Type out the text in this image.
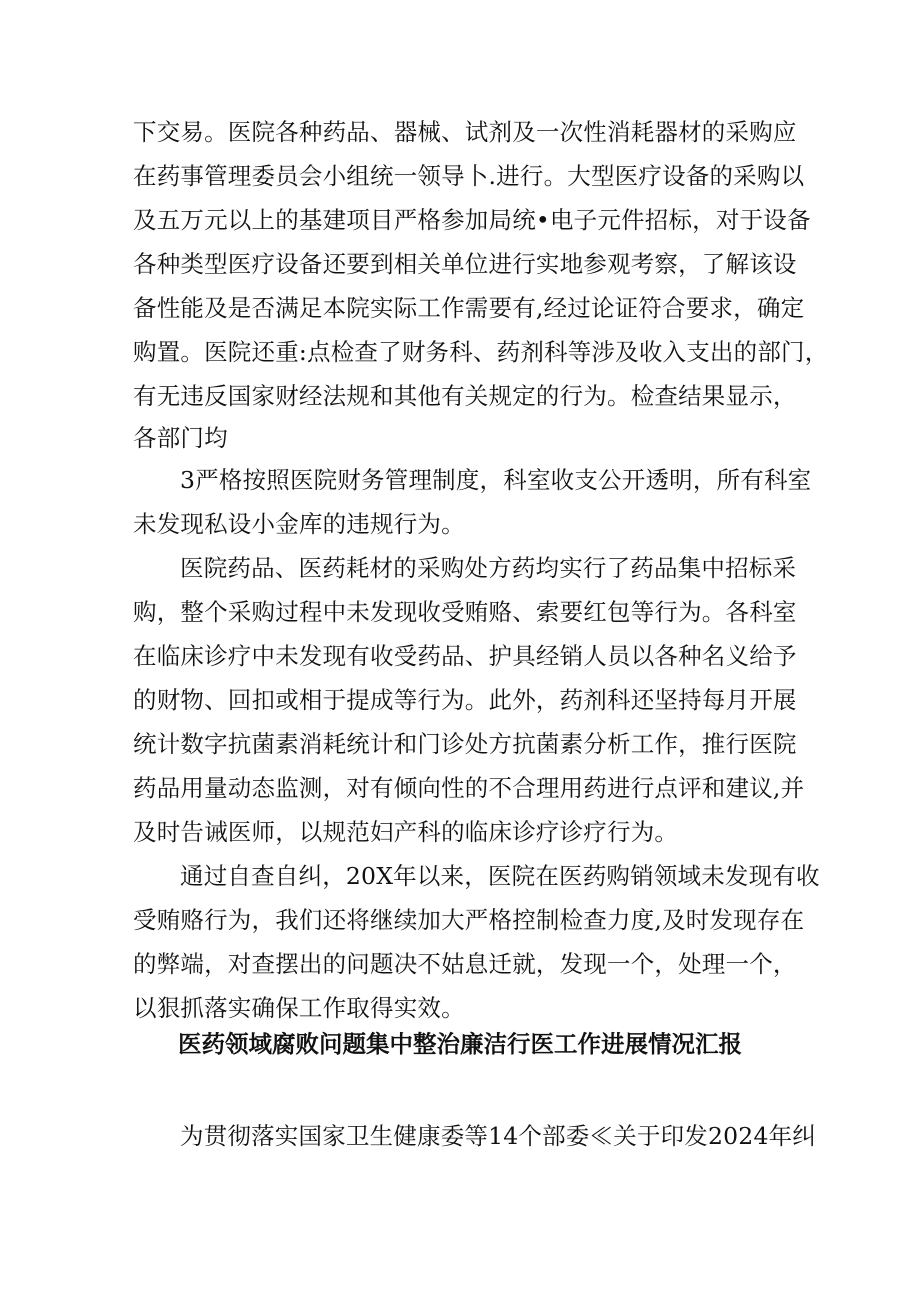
下交易。医院各种药品、器械、试剂及一次性消耗器材的采购应
在药事管理委员会小组统一领导卜.进行。大型医疗设备的采购以
及五万元以上的基建项目严格参加局统•电子元件招标，对于设备
各种类型医疗设备还要到相关单位进行实地参观考察，了解该设
备性能及是否满足本院实际工作需要有,经过论证符合要求，确定
购置。医院还重:点检查了财务科、药剂科等涉及收入支出的部门，
有无违反国家财经法规和其他有关规定的行为。检查结果显示，
各部门均
3严格按照医院财务管理制度，科室收支公开透明，所有科室
未发现私设小金库的违规行为。
医院药品、医药耗材的采购处方药均实行了药品集中招标采
购，整个采购过程中未发现收受贿赂、索要红包等行为。各科室
在临床诊疗中未发现有收受药品、护具经销人员以各种名义给予
的财物、回扣或相于提成等行为。此外，药剂科还坚持每月开展
统计数字抗菌素消耗统计和门诊处方抗菌素分析工作，推行医院
药品用量动态监测，对有倾向性的不合理用药进行点评和建议,并
及时告诫医师，以规范妇产科的临床诊疗诊疗行为。
通过自查自纠，20X年以来，医院在医药购销领域未发现有收
受贿赂行为，我们还将继续加大严格控制检查力度,及时发现存在
的弊端，对查摆出的问题决不姑息迁就，发现一个，处理一个，
以狠抓落实确保工作取得实效。
医药领域腐败问题集中整治廉洁行医工作进展情况汇报
为贯彻落实国家卫生健康委等14个部委≪关于印发2024年纠
